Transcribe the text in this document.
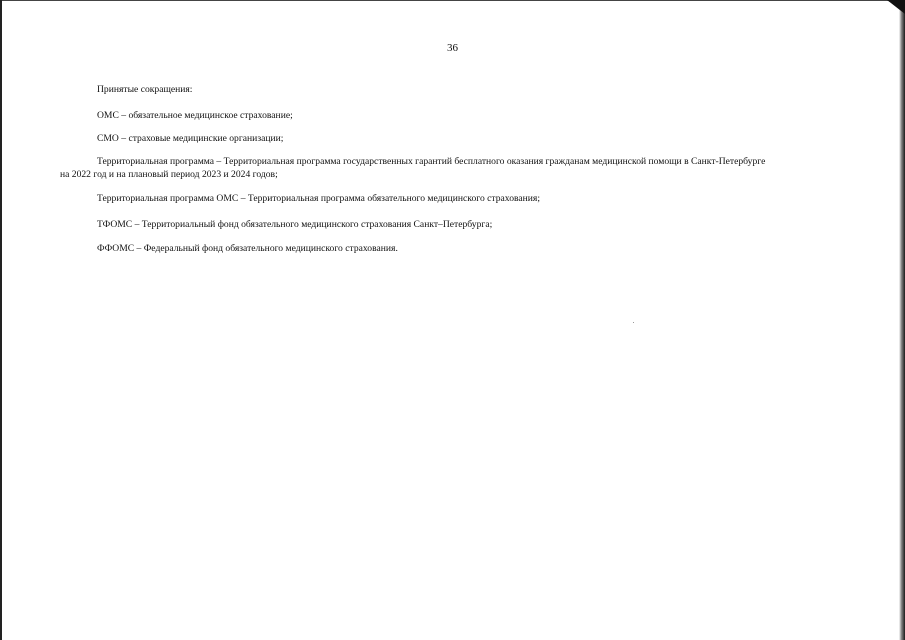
36
Принятые сокращения:
ОМС – обязательное медицинское страхование;
СМО – страховые медицинские организации;
Территориальная программа – Территориальная программа государственных гарантий бесплатного оказания гражданам медицинской помощи в Санкт-Петербурге
на 2022 год и на плановый период 2023 и 2024 годов;
Территориальная программа ОМС – Территориальная программа обязательного медицинского страхования;
ТФОМС – Территориальный фонд обязательного медицинского страхования Санкт–Петербурга;
ФФОМС – Федеральный фонд обязательного медицинского страхования.
